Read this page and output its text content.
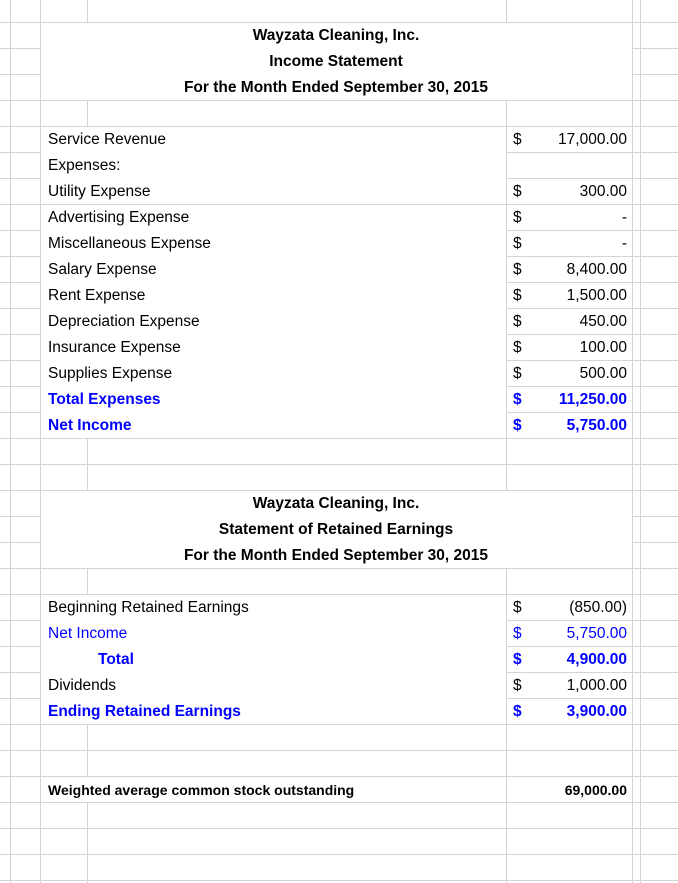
Wayzata Cleaning, Inc.
Income Statement
For the Month Ended September 30, 2015
Service Revenue	$	17,000.00
Expenses:
Utility Expense	$	300.00
Advertising Expense	$	-
Miscellaneous Expense	$	-
Salary Expense	$	8,400.00
Rent Expense	$	1,500.00
Depreciation Expense	$	450.00
Insurance Expense	$	100.00
Supplies Expense	$	500.00
Total Expenses	$	11,250.00
Net Income	$	5,750.00
Wayzata Cleaning, Inc.
Statement of Retained Earnings
For the Month Ended September 30, 2015
Beginning Retained Earnings	$	(850.00)
Net Income	$	5,750.00
Total	$	4,900.00
Dividends	$	1,000.00
Ending Retained Earnings	$	3,900.00
Weighted average common stock outstanding	69,000.00
